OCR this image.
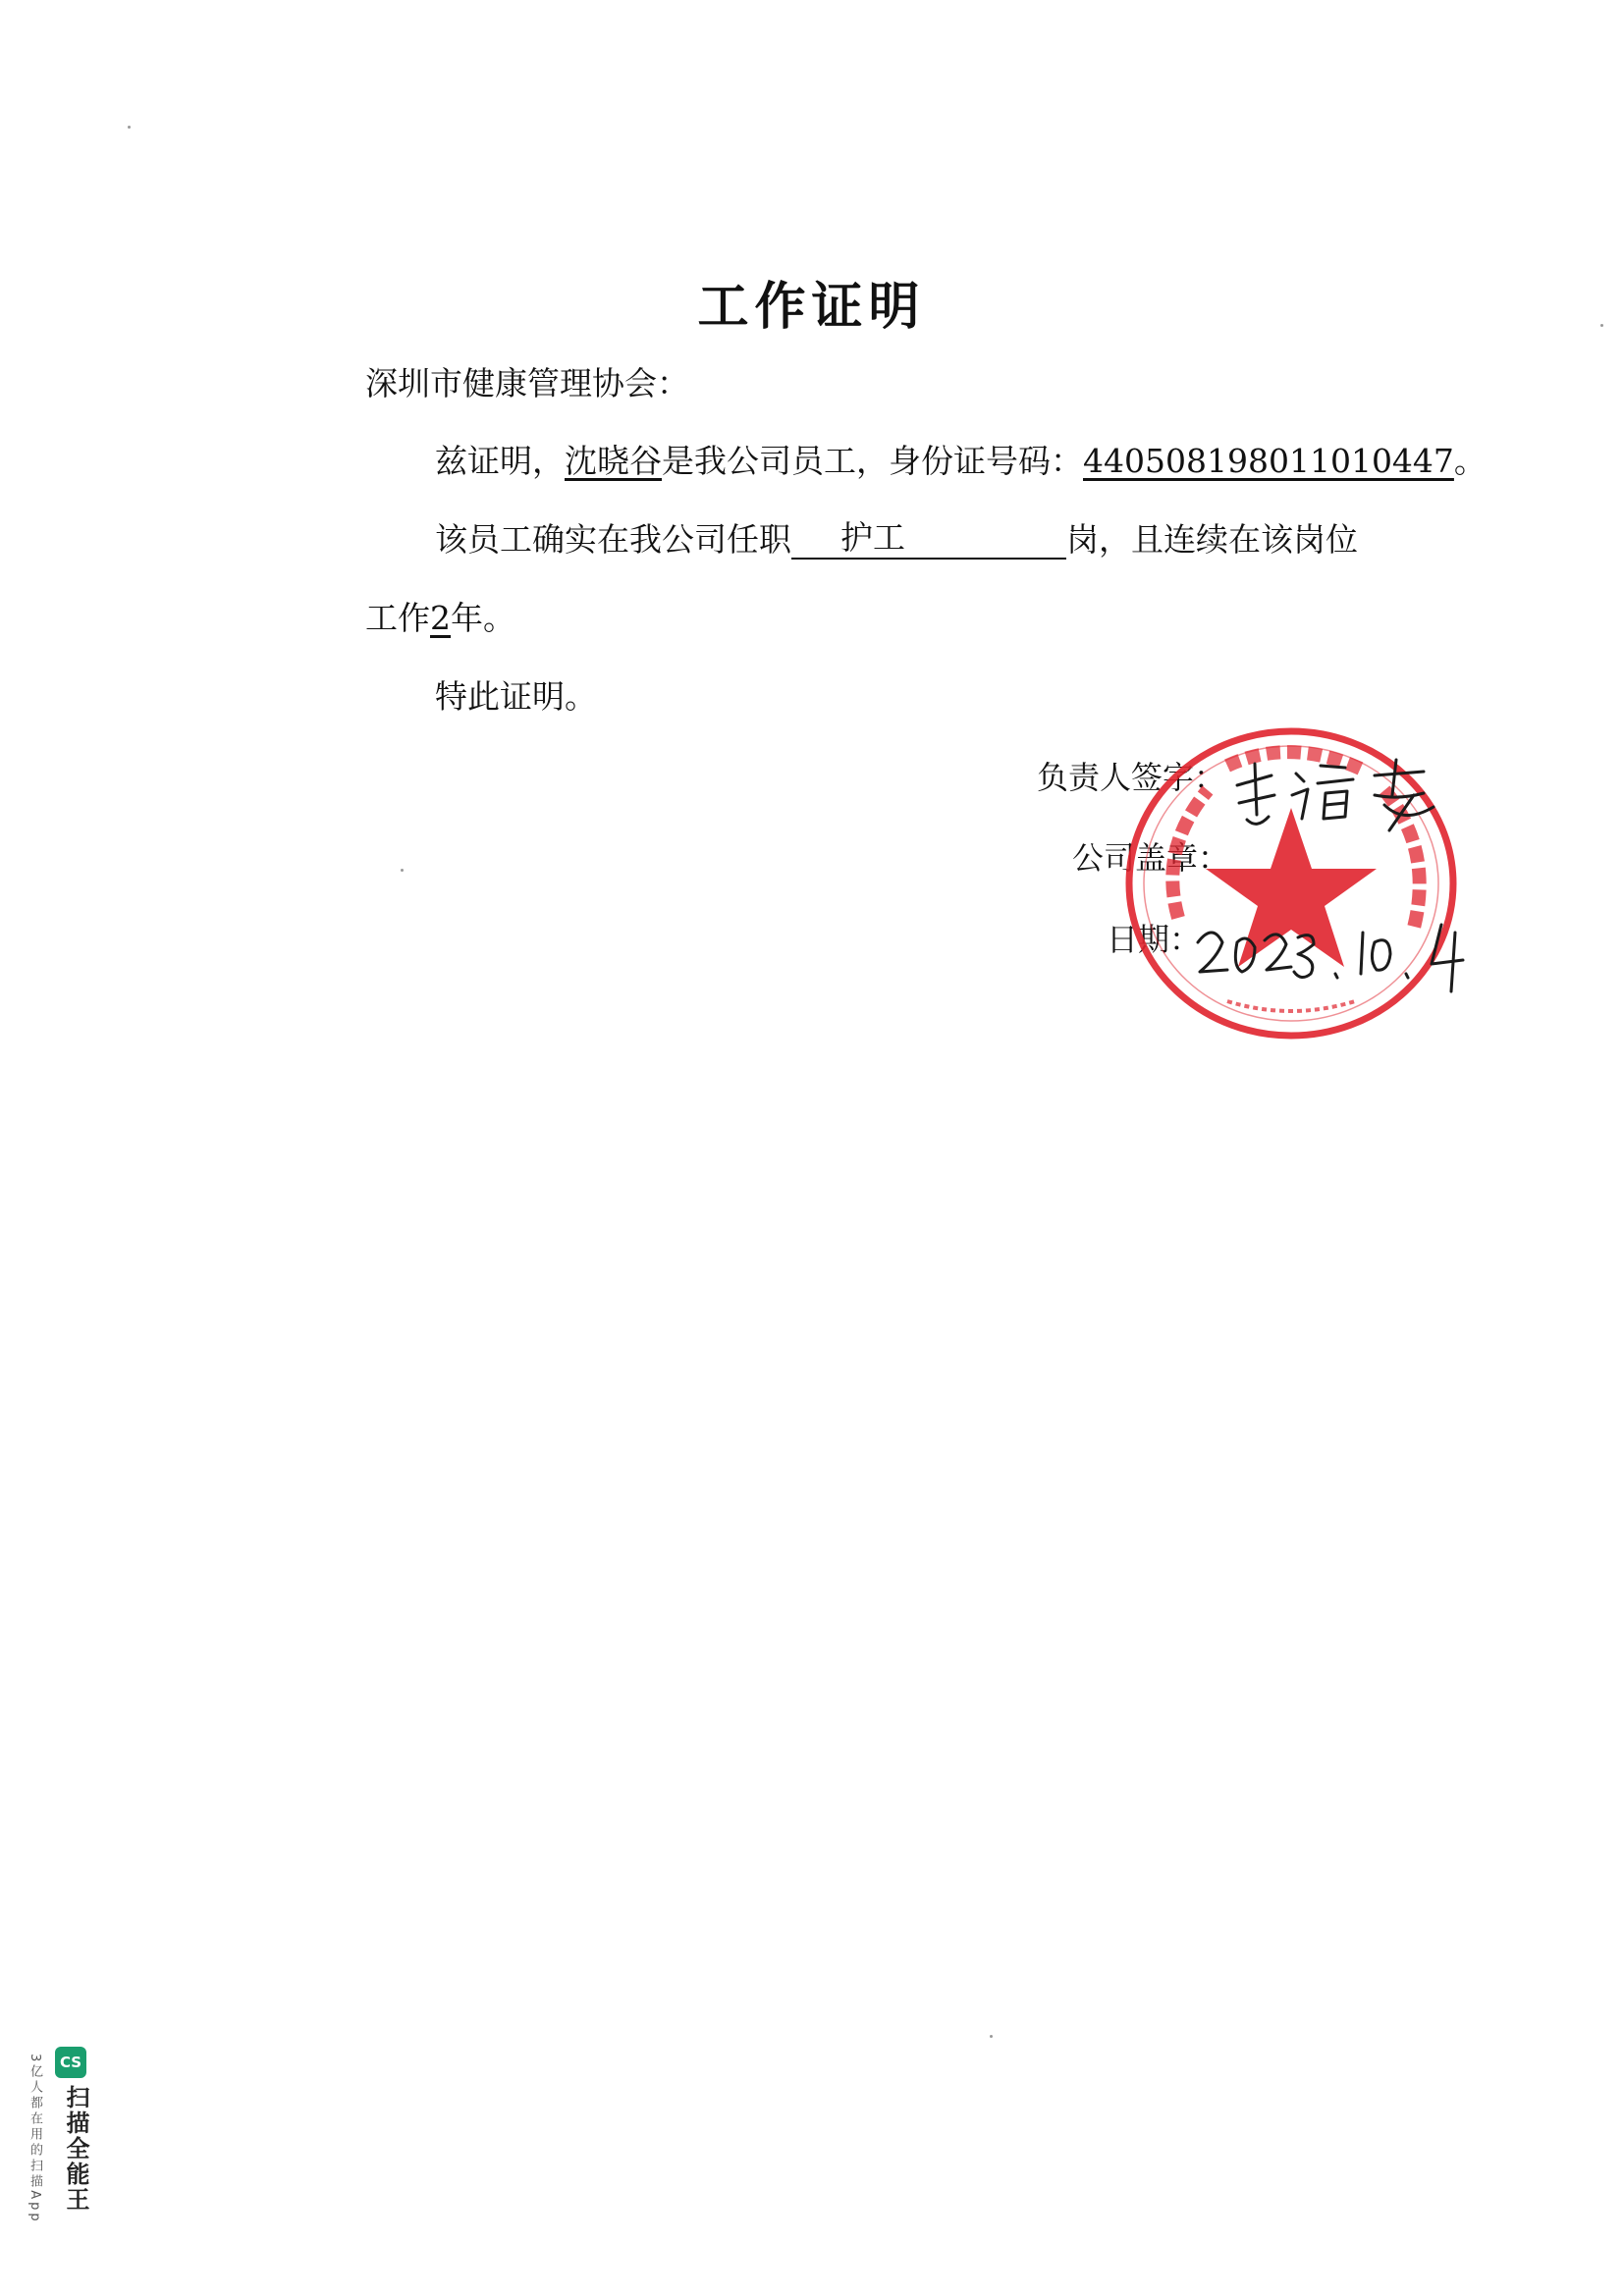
工作证明
深圳市健康管理协会：
兹证明，沈晓谷是我公司员工，身份证号码：440508198011010447。
该员工确实在我公司任职 护工	岗，且连续在该岗位
工作2年。
特此证明。
负责人签字：
公司盖章：
日期：
CS
扫描全能王
3亿人都在用的扫描App
